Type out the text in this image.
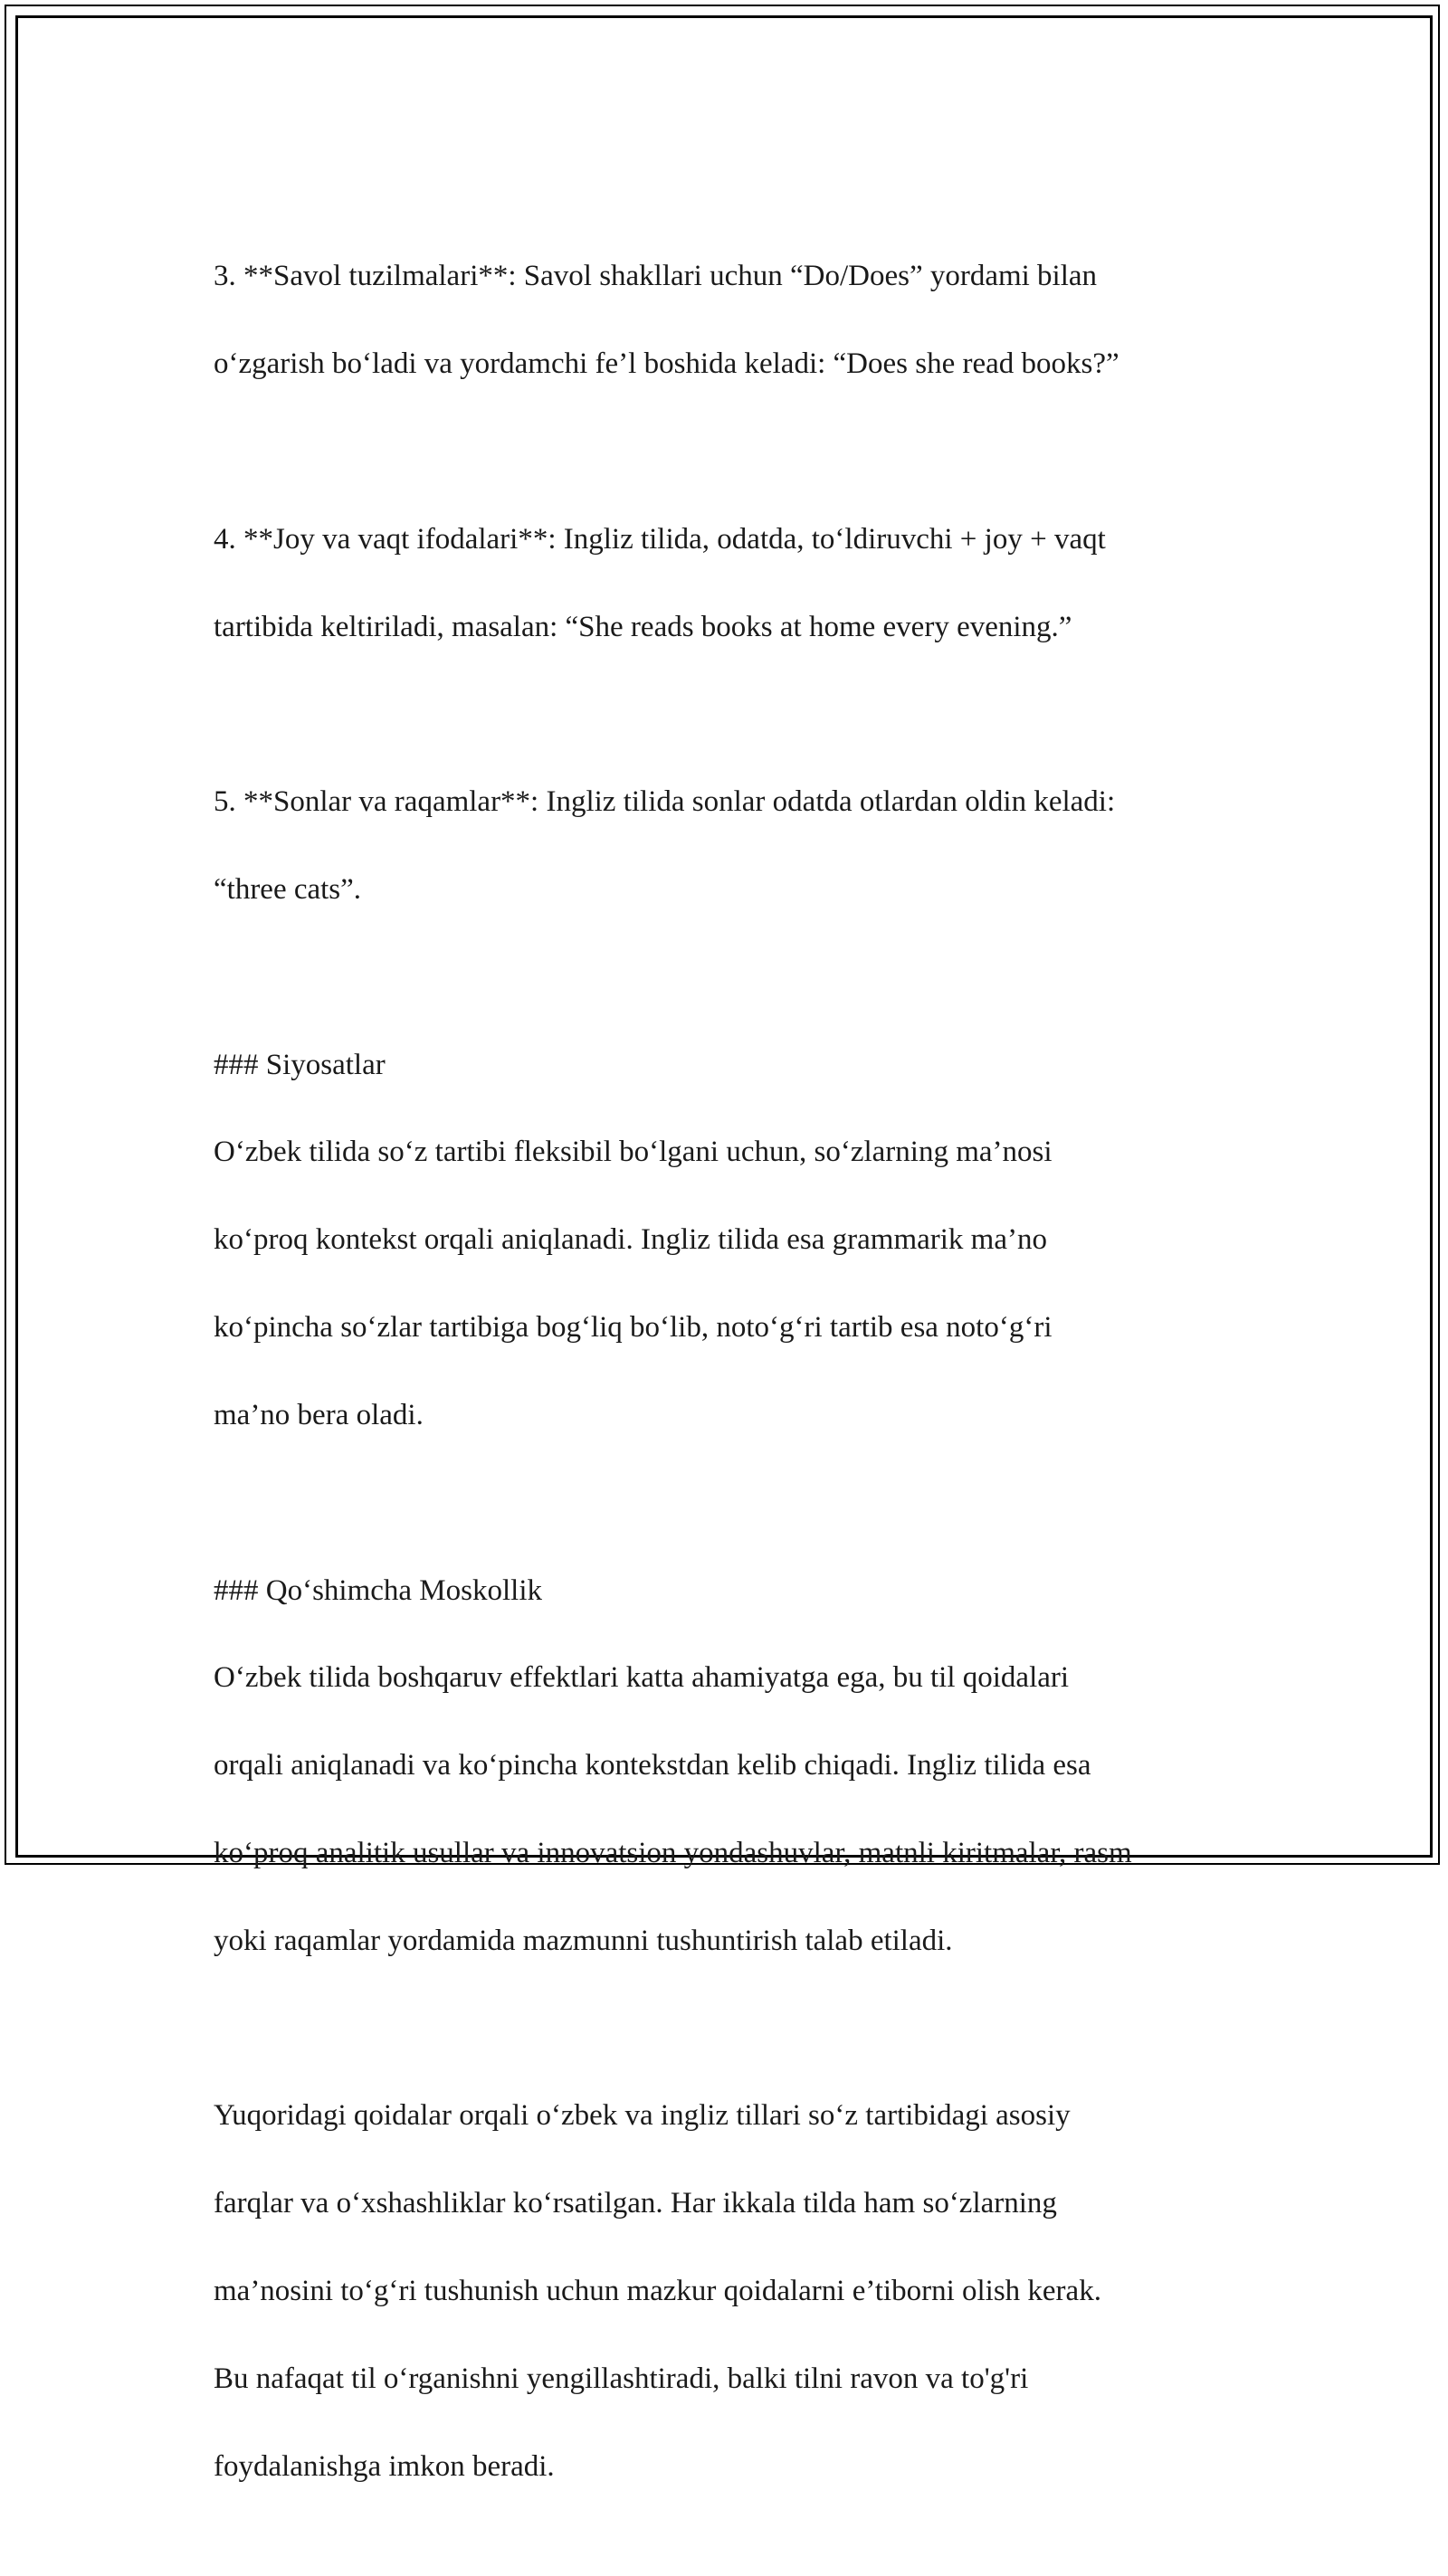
3. **Savol tuzilmalari**: Savol shakllari uchun “Do/Does” yordami bilan

o‘zgarish bo‘ladi va yordamchi fe’l boshida keladi: “Does she read books?”

4. **Joy va vaqt ifodalari**: Ingliz tilida, odatda, to‘ldiruvchi + joy + vaqt

tartibida keltiriladi, masalan: “She reads books at home every evening.”

5. **Sonlar va raqamlar**: Ingliz tilida sonlar odatda otlardan oldin keladi:

“three cats”.

### Siyosatlar

O‘zbek tilida so‘z tartibi fleksibil bo‘lgani uchun, so‘zlarning ma’nosi

ko‘proq kontekst orqali aniqlanadi. Ingliz tilida esa grammarik ma’no

ko‘pincha so‘zlar tartibiga bog‘liq bo‘lib, noto‘g‘ri tartib esa noto‘g‘ri

ma’no bera oladi.

### Qo‘shimcha Moskollik

O‘zbek tilida boshqaruv effektlari katta ahamiyatga ega, bu til qoidalari

orqali aniqlanadi va ko‘pincha kontekstdan kelib chiqadi. Ingliz tilida esa

ko‘proq analitik usullar va innovatsion yondashuvlar, matnli kiritmalar, rasm

yoki raqamlar yordamida mazmunni tushuntirish talab etiladi.

Yuqoridagi qoidalar orqali o‘zbek va ingliz tillari so‘z tartibidagi asosiy

farqlar va o‘xshashliklar ko‘rsatilgan. Har ikkala tilda ham so‘zlarning

ma’nosini to‘g‘ri tushunish uchun mazkur qoidalarni e’tiborni olish kerak.

Bu nafaqat til o‘rganishni yengillashtiradi, balki tilni ravon va to'g'ri

foydalanishga imkon beradi.
